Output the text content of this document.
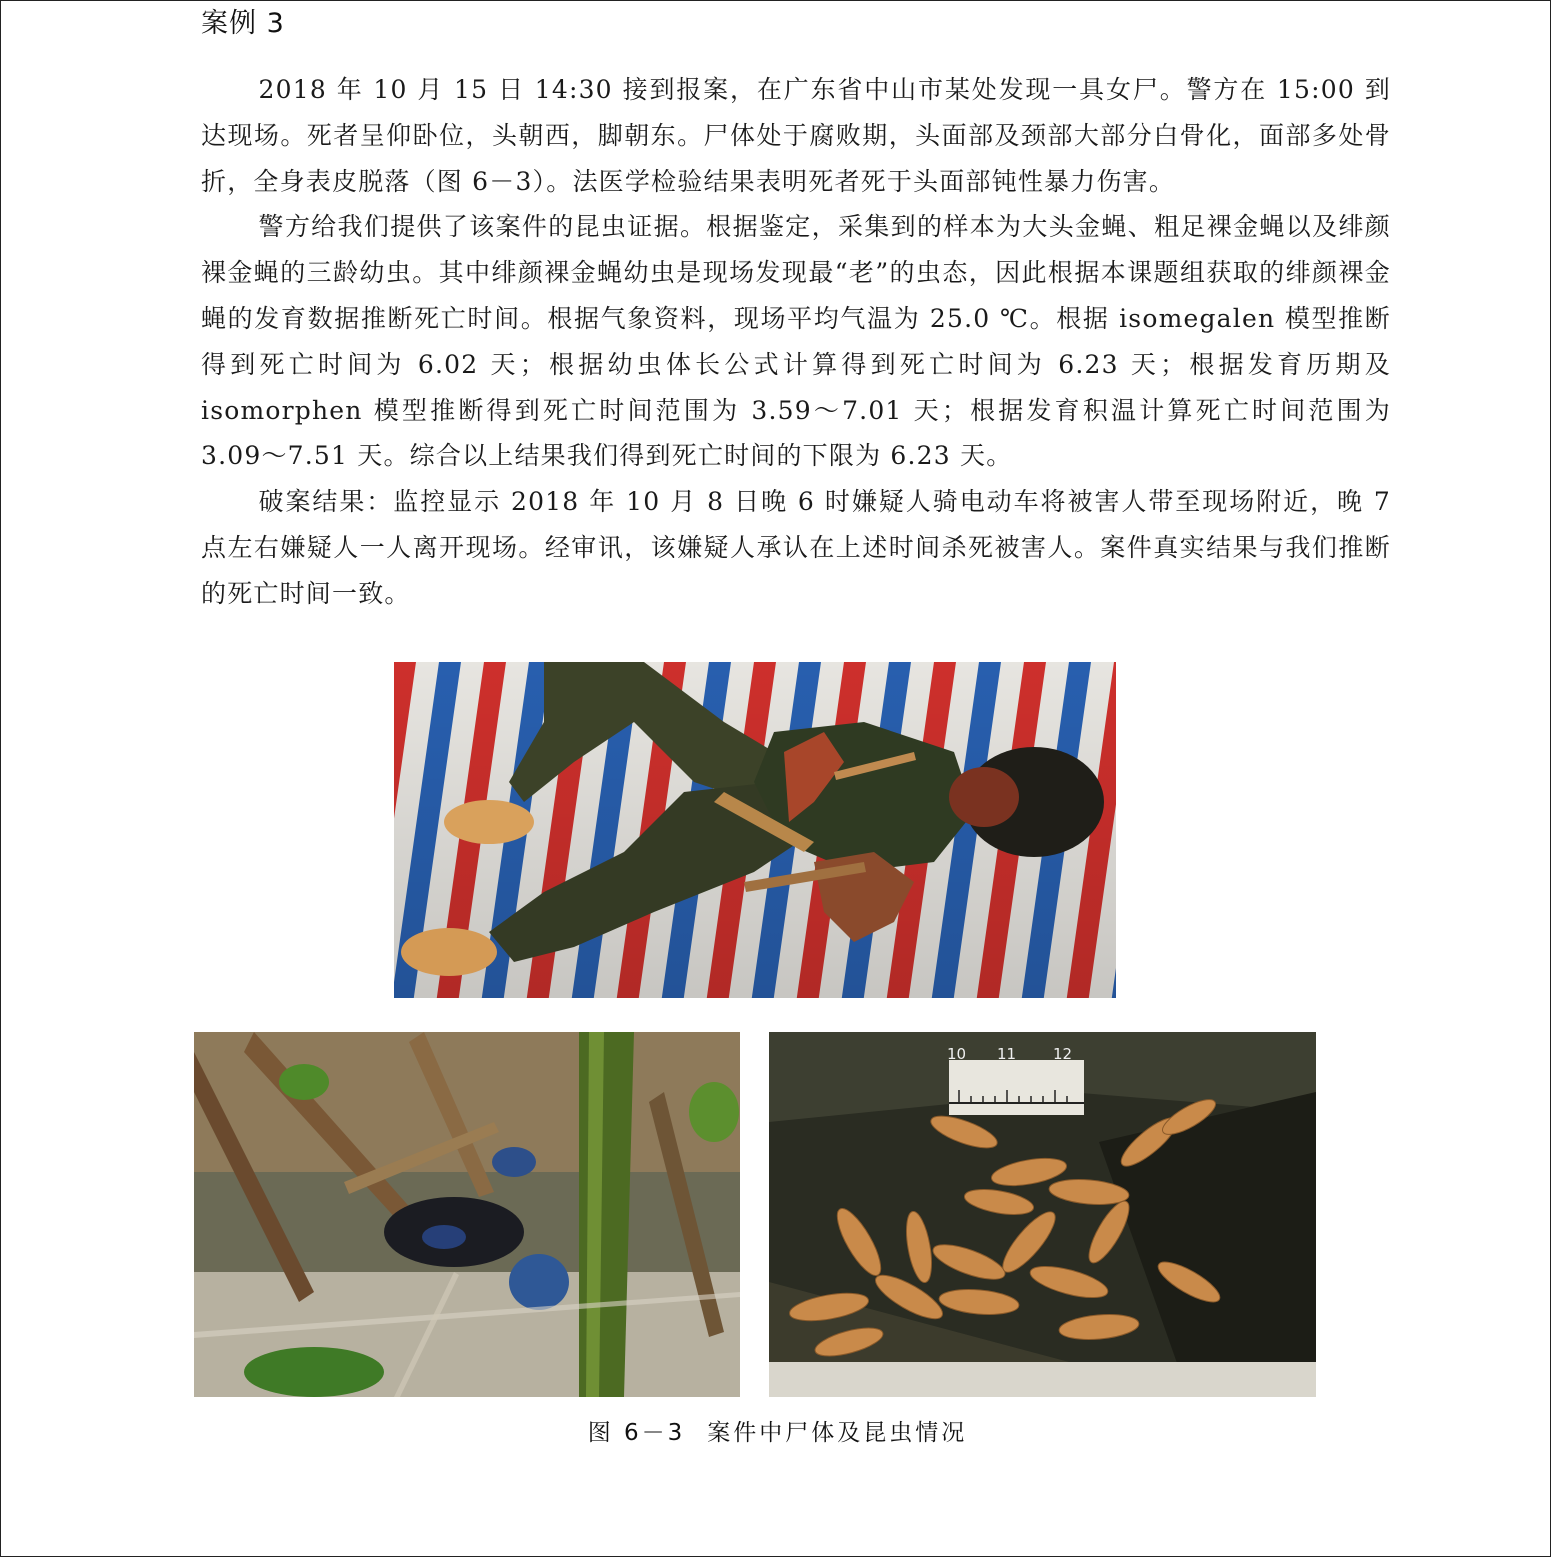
案例 3

2018 年 10 月 15 日 14:30 接到报案，在广东省中山市某处发现一具女尸。警方在 15:00 到达现场。死者呈仰卧位，头朝西，脚朝东。尸体处于腐败期，头面部及颈部大部分白骨化，面部多处骨折，全身表皮脱落（图 6－3）。法医学检验结果表明死者死于头面部钝性暴力伤害。

警方给我们提供了该案件的昆虫证据。根据鉴定，采集到的样本为大头金蝇、粗足裸金蝇以及绯颜裸金蝇的三龄幼虫。其中绯颜裸金蝇幼虫是现场发现最“老”的虫态，因此根据本课题组获取的绯颜裸金蝇的发育数据推断死亡时间。根据气象资料，现场平均气温为 25.0 ℃。根据 isomegalen 模型推断得到死亡时间为 6.02 天；根据幼虫体长公式计算得到死亡时间为 6.23 天；根据发育历期及 isomorphen 模型推断得到死亡时间范围为 3.59～7.01 天；根据发育积温计算死亡时间范围为 3.09～7.51 天。综合以上结果我们得到死亡时间的下限为 6.23 天。

破案结果：监控显示 2018 年 10 月 8 日晚 6 时嫌疑人骑电动车将被害人带至现场附近，晚 7 点左右嫌疑人一人离开现场。经审讯，该嫌疑人承认在上述时间杀死被害人。案件真实结果与我们推断的死亡时间一致。

10 11 12
图 6－3 案件中尸体及昆虫情况
